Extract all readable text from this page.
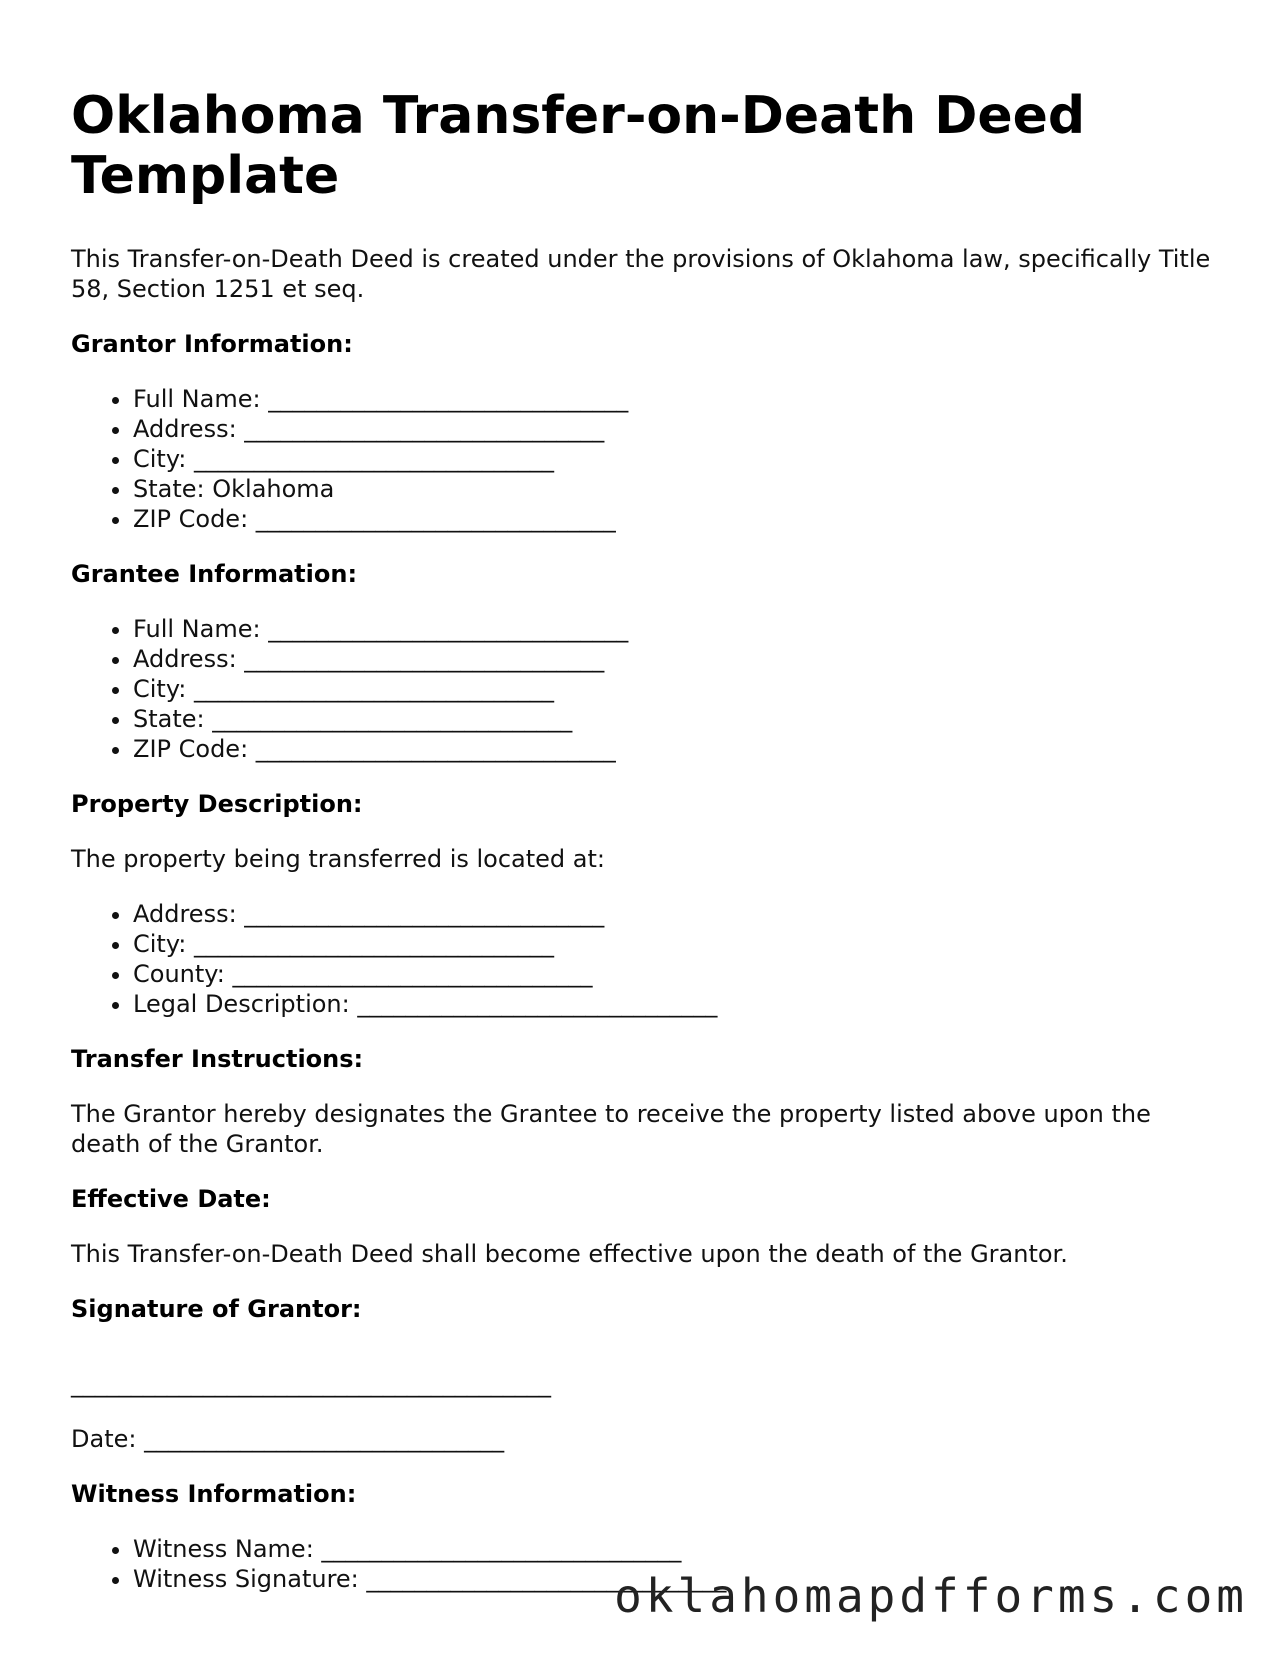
Oklahoma Transfer-on-Death Deed Template

This Transfer-on-Death Deed is created under the provisions of Oklahoma law, specifically Title 58, Section 1251 et seq.

Grantor Information:
• Full Name: ______________________________
• Address: ______________________________
• City: ______________________________
• State: Oklahoma
• ZIP Code: ______________________________
Grantee Information:
• Full Name: ______________________________
• Address: ______________________________
• City: ______________________________
• State: ______________________________
• ZIP Code: ______________________________
Property Description:

The property being transferred is located at:

• Address: ______________________________
• City: ______________________________
• County: ______________________________
• Legal Description: ______________________________
Transfer Instructions:

The Grantor hereby designates the Grantee to receive the property listed above upon the death of the Grantor.

Effective Date:

This Transfer-on-Death Deed shall become effective upon the death of the Grantor.

Signature of Grantor:
________________________________________

Date: ______________________________

Witness Information:
• Witness Name: ______________________________
• Witness Signature: ______________________________
oklahomapdfforms.com
